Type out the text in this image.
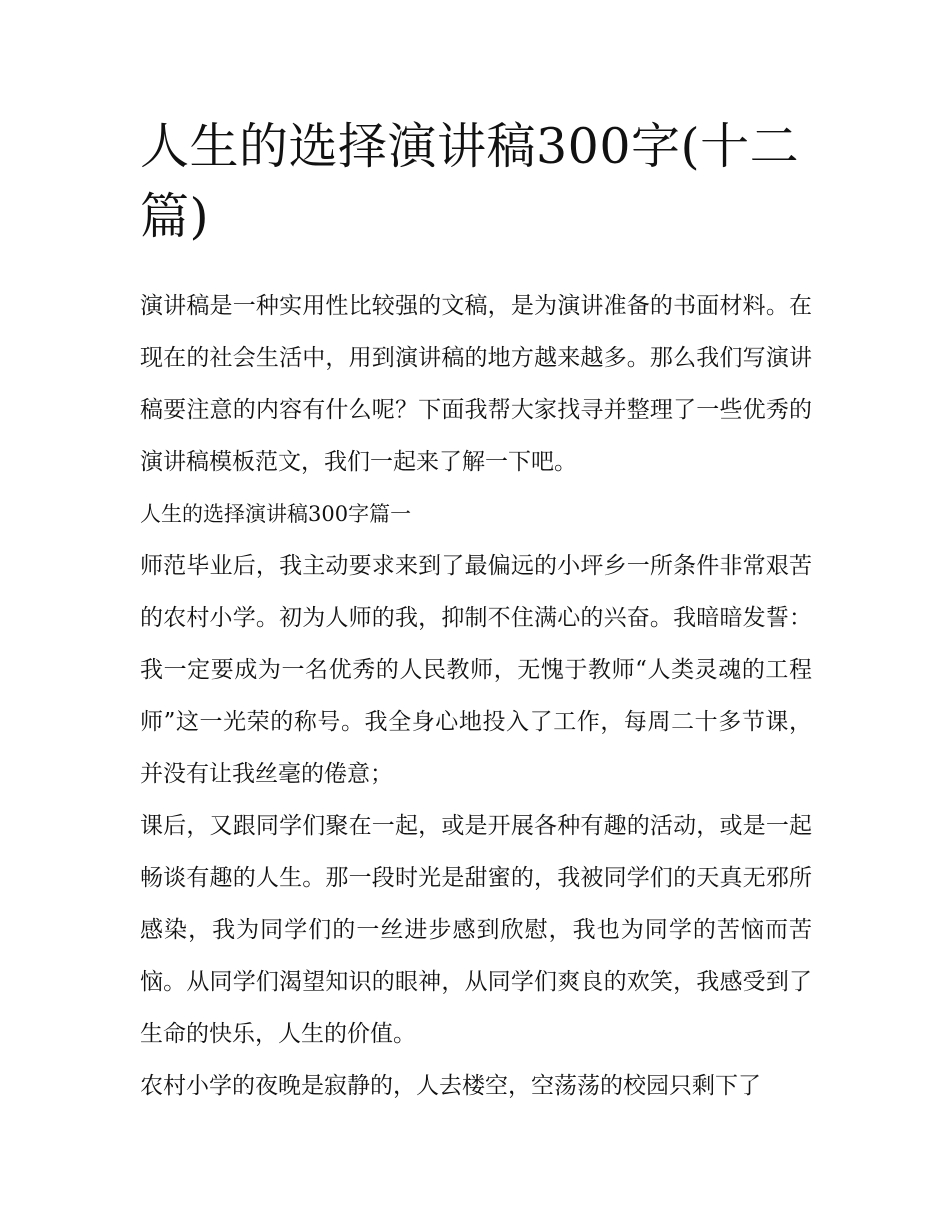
人生的选择演讲稿300字(十二篇)

演讲稿是一种实用性比较强的文稿，是为演讲准备的书面材料。在现在的社会生活中，用到演讲稿的地方越来越多。那么我们写演讲稿要注意的内容有什么呢？下面我帮大家找寻并整理了一些优秀的演讲稿模板范文，我们一起来了解一下吧。

人生的选择演讲稿300字篇一

师范毕业后，我主动要求来到了最偏远的小坪乡一所条件非常艰苦的农村小学。初为人师的我，抑制不住满心的兴奋。我暗暗发誓：我一定要成为一名优秀的人民教师，无愧于教师“人类灵魂的工程师”这一光荣的称号。我全身心地投入了工作，每周二十多节课，并没有让我丝毫的倦意；

课后，又跟同学们聚在一起，或是开展各种有趣的活动，或是一起畅谈有趣的人生。那一段时光是甜蜜的，我被同学们的天真无邪所感染，我为同学们的一丝进步感到欣慰，我也为同学的苦恼而苦恼。从同学们渴望知识的眼神，从同学们爽良的欢笑，我感受到了生命的快乐，人生的价值。

农村小学的夜晚是寂静的，人去楼空，空荡荡的校园只剩下了
